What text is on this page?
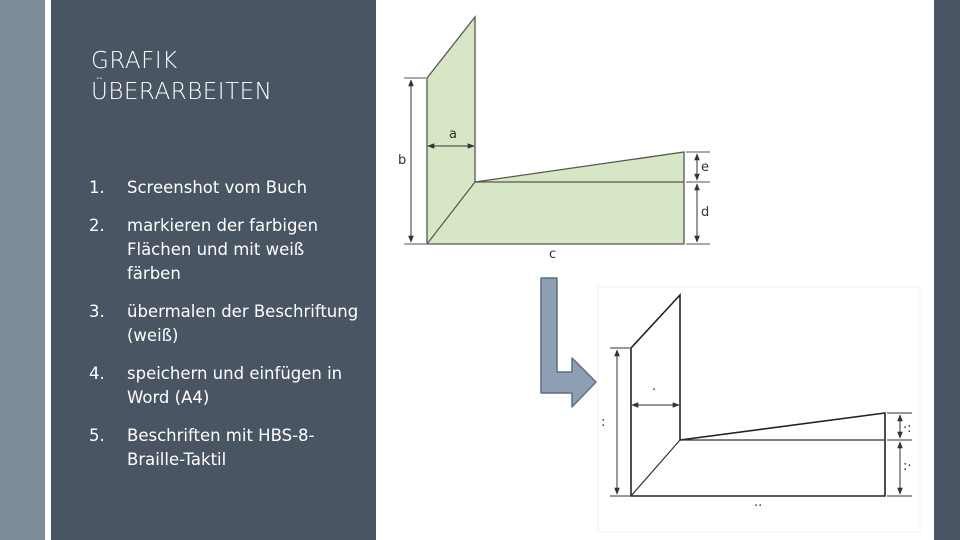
GRAFIK
ÜBERARBEITEN
1. Screenshot vom Buch
2. markieren der farbigen Flächen und mit weiß färben
3. übermalen der Beschriftung (weiß)
4. speichern und einfügen in Word (A4)
5. Beschriften mit HBS-8-Braille-Taktil
a
b	e
d
c
·
:	·:
:·
··
